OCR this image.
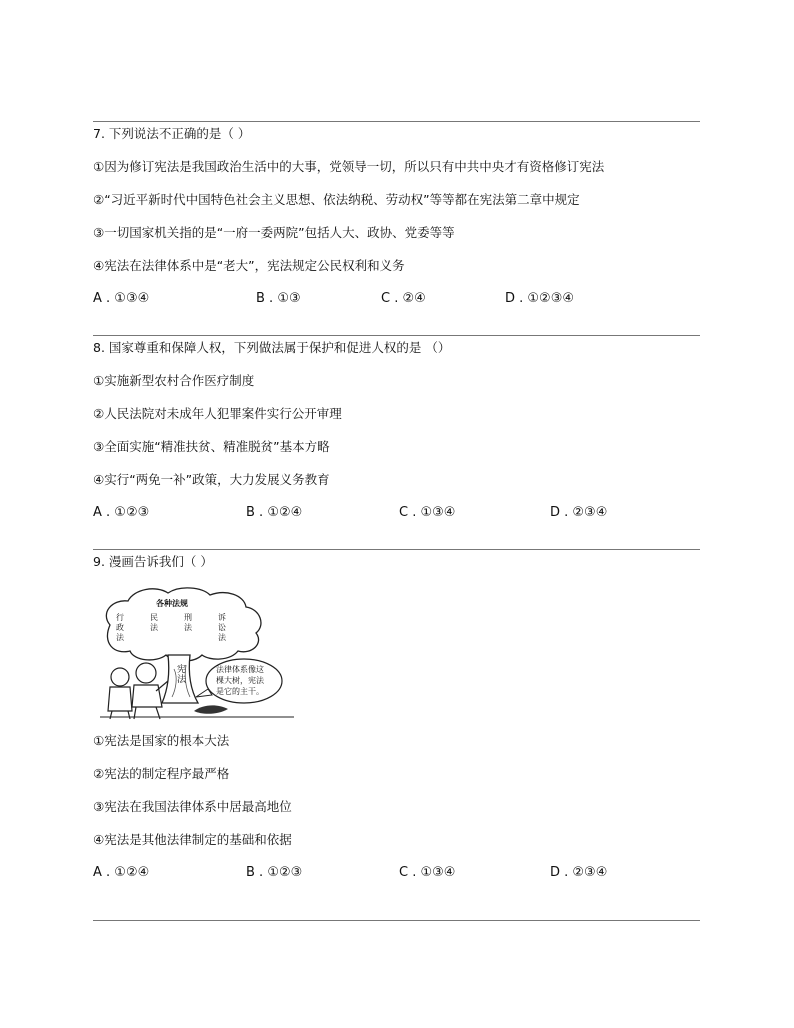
7. 下列说法不正确的是（ ）
①因为修订宪法是我国政治生活中的大事，党领导一切，所以只有中共中央才有资格修订宪法
②“习近平新时代中国特色社会主义思想、依法纳税、劳动权”等等都在宪法第二章中规定
③一切国家机关指的是“一府一委两院”包括人大、政协、党委等等
④宪法在法律体系中是“老大”，宪法规定公民权利和义务
A . ①③④	B . ①③	C . ②④	D . ①②③④
8. 国家尊重和保障人权，下列做法属于保护和促进人权的是 （）
①实施新型农村合作医疗制度
②人民法院对未成年人犯罪案件实行公开审理
③全面实施“精准扶贫、精准脱贫”基本方略
④实行“两免一补”政策，大力发展义务教育
A . ①②③	B . ①②④	C . ①③④	D . ②③④
9. 漫画告诉我们（ ）
各种法规
行政法
民法
刑法
诉讼法
宪法
法律体系像这
棵大树，宪法
是它的主干。
①宪法是国家的根本大法
②宪法的制定程序最严格
③宪法在我国法律体系中居最高地位
④宪法是其他法律制定的基础和依据
A . ①②④	B . ①②③	C . ①③④	D . ②③④
